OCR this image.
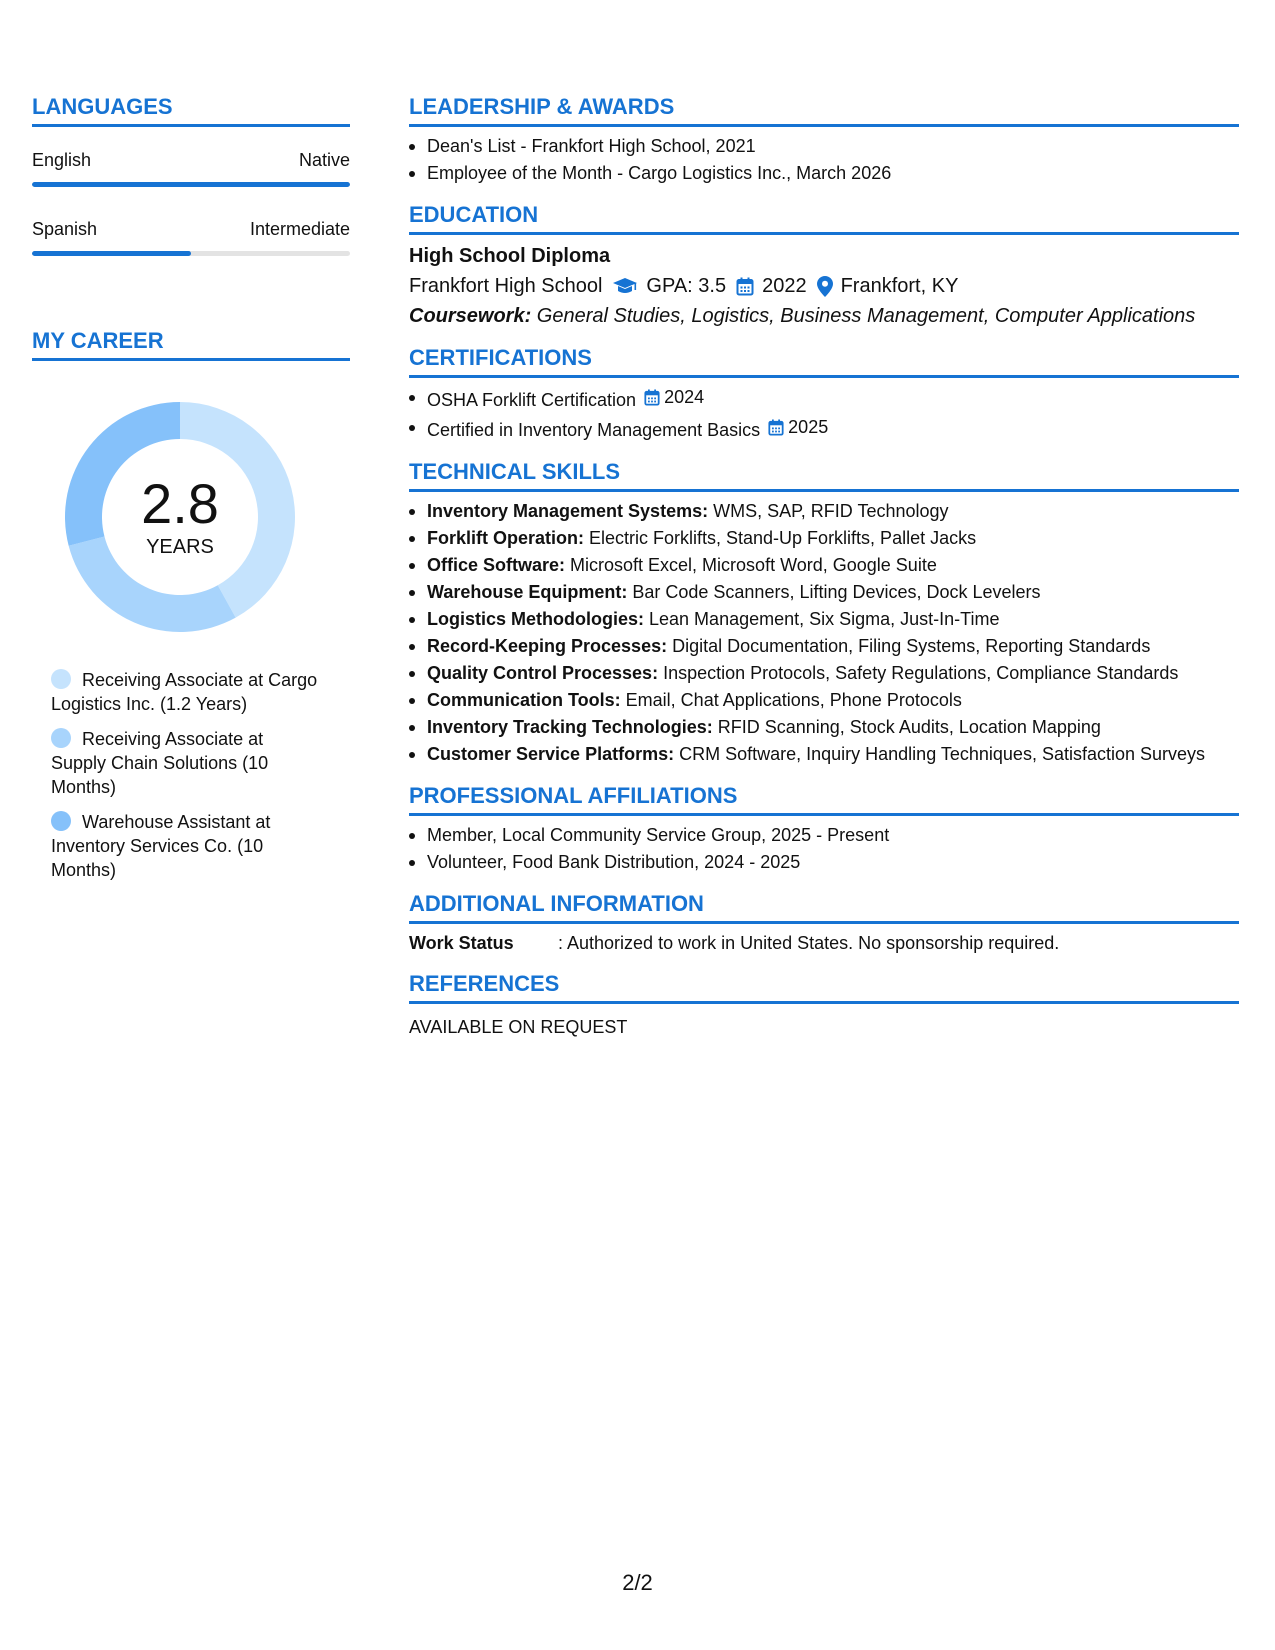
LANGUAGES
English	Native
Spanish	Intermediate
MY CAREER
2.8
YEARS
Receiving Associate at Cargo Logistics Inc. (1.2 Years)
Receiving Associate at Supply Chain Solutions (10 Months)
Warehouse Assistant at Inventory Services Co. (10 Months)
LEADERSHIP & AWARDS
Dean's List - Frankfort High School, 2021
Employee of the Month - Cargo Logistics Inc., March 2026
EDUCATION
High School Diploma
Frankfort High School GPA: 3.5 2022 Frankfort, KY
Coursework: General Studies, Logistics, Business Management, Computer Applications
CERTIFICATIONS
OSHA Forklift Certification 2024
Certified in Inventory Management Basics 2025
TECHNICAL SKILLS
Inventory Management Systems: WMS, SAP, RFID Technology
Forklift Operation: Electric Forklifts, Stand-Up Forklifts, Pallet Jacks
Office Software: Microsoft Excel, Microsoft Word, Google Suite
Warehouse Equipment: Bar Code Scanners, Lifting Devices, Dock Levelers
Logistics Methodologies: Lean Management, Six Sigma, Just-In-Time
Record-Keeping Processes: Digital Documentation, Filing Systems, Reporting Standards
Quality Control Processes: Inspection Protocols, Safety Regulations, Compliance Standards
Communication Tools: Email, Chat Applications, Phone Protocols
Inventory Tracking Technologies: RFID Scanning, Stock Audits, Location Mapping
Customer Service Platforms: CRM Software, Inquiry Handling Techniques, Satisfaction Surveys
PROFESSIONAL AFFILIATIONS
Member, Local Community Service Group, 2025 - Present
Volunteer, Food Bank Distribution, 2024 - 2025
ADDITIONAL INFORMATION
Work Status	: Authorized to work in United States. No sponsorship required.
REFERENCES
AVAILABLE ON REQUEST
2/2
